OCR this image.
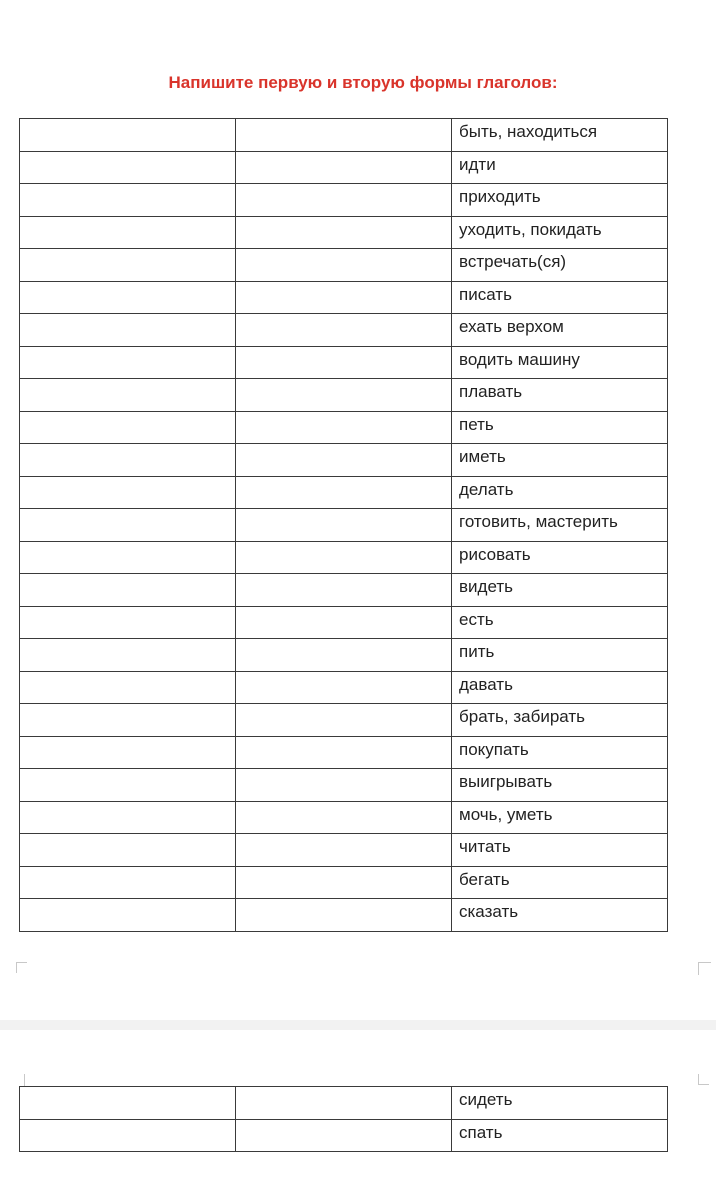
Напишите первую и вторую формы глаголов:
		быть, находиться
		идти
		приходить
		уходить, покидать
		встречать(ся)
		писать
		ехать верхом
		водить машину
		плавать
		петь
		иметь
		делать
		готовить, мастерить
		рисовать
		видеть
		есть
		пить
		давать
		брать, забирать
		покупать
		выигрывать
		мочь, уметь
		читать
		бегать
		сказать
		сидеть
		спать
